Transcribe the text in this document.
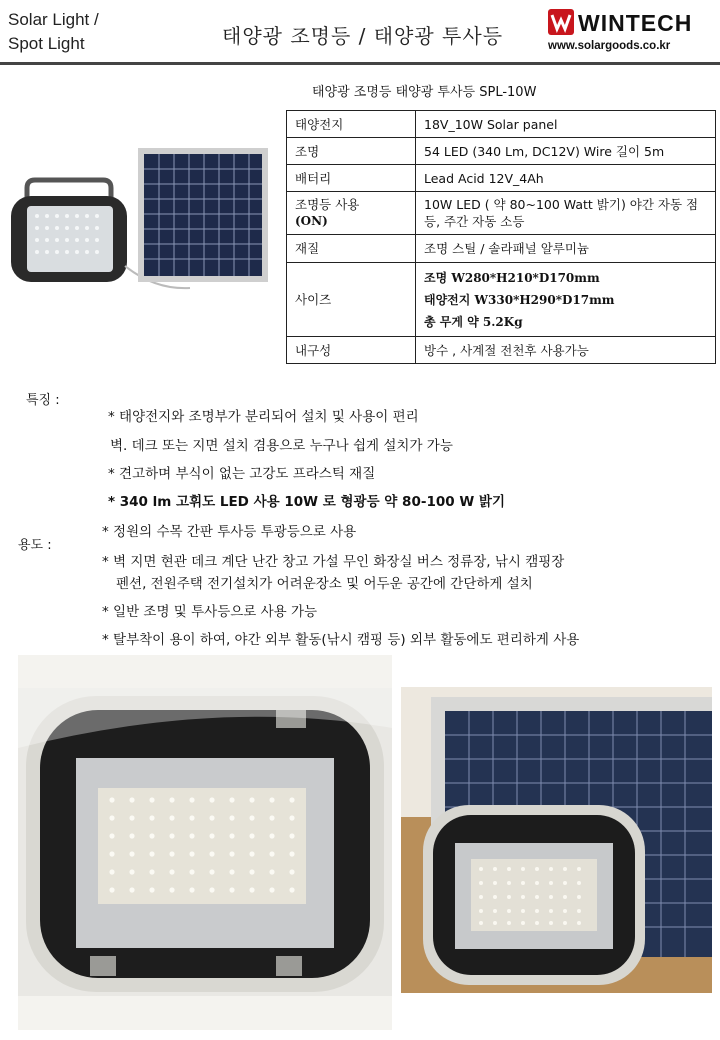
Solar Light /
Spot Light	태양광 조명등 / 태양광 투사등	WINTECH
www.solargoods.co.kr
태양광 조명등 태양광 투사등 SPL-10W
태양전지	18V_10W Solar panel
조명	54 LED (340 Lm, DC12V) Wire 길이 5m
배터리	Lead Acid 12V_4Ah

조명등 사용
(ON)	10W LED ( 약 80~100 Watt 밝기) 야간 자동 점등, 주간 자동 소등
재질	조명 스틸 / 솔라패널 알루미늄
사이즈	조명 W280*H210*D170mm
태양전지 W330*H290*D17mm
총 무게 약 5.2Kg

내구성	방수 , 사계절 전천후 사용가능
특징 :
* 태양전지와 조명부가 분리되어 설치 및 사용이 편리
벽. 데크 또는 지면 설치 겸용으로 누구나 쉽게 설치가 가능
* 견고하며 부식이 없는 고강도 프라스틱 재질
* 340 lm 고휘도 LED 사용 10W 로 형광등 약 80-100 W 밝기
용도 :
* 정원의 수목 간판 투사등 투광등으로 사용
* 벽 지면 현관 데크 계단 난간 창고 가설 무인 화장실 버스 정류장, 낚시 캠핑장
펜션, 전원주택 전기설치가 어려운장소 및 어두운 공간에 간단하게 설치
* 일반 조명 및 투사등으로 사용 가능
* 탈부착이 용이 하여, 야간 외부 활동(낚시 캠핑 등) 외부 활동에도 편리하게 사용
